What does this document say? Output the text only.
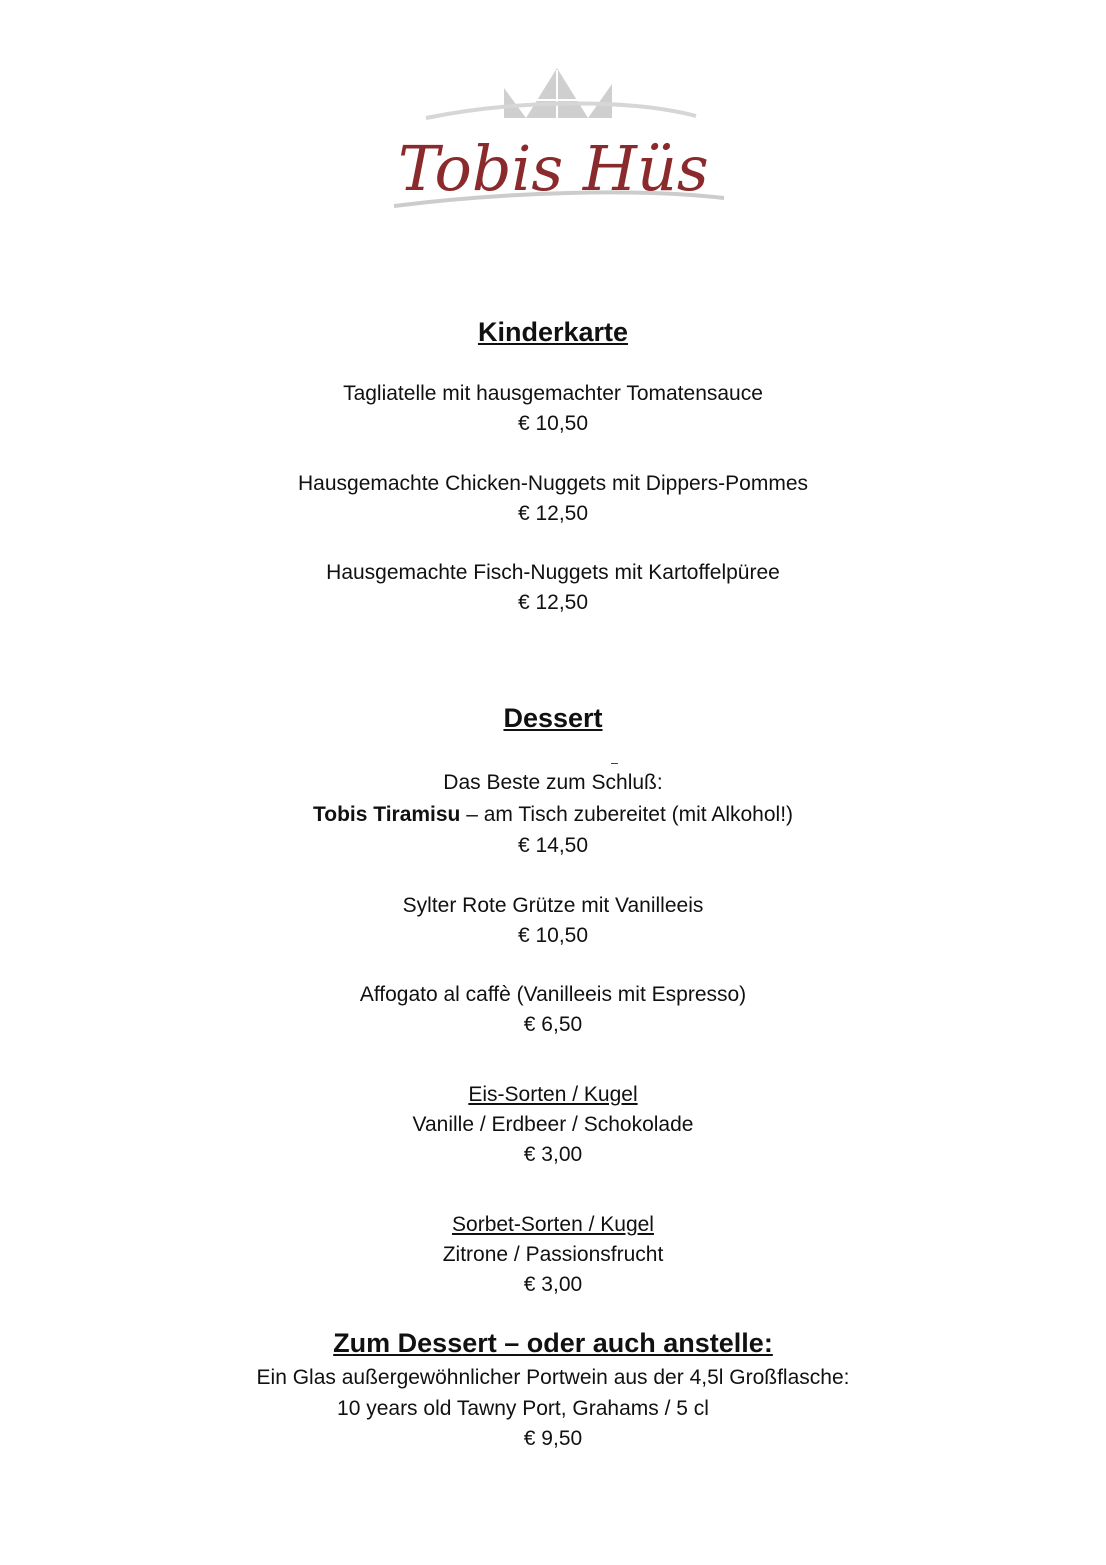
Tobis Hüs
Kinderkarte
Tagliatelle mit hausgemachter Tomatensauce
€ 10,50
Hausgemachte Chicken-Nuggets mit Dippers-Pommes
€ 12,50
Hausgemachte Fisch-Nuggets mit Kartoffelpüree
€ 12,50
Dessert
Das Beste zum Schluß:
Tobis Tiramisu – am Tisch zubereitet (mit Alkohol!)
€ 14,50
Sylter Rote Grütze mit Vanilleeis
€ 10,50
Affogato al caffè (Vanilleeis mit Espresso)
€ 6,50
Eis-Sorten / Kugel
Vanille / Erdbeer / Schokolade
€ 3,00
Sorbet-Sorten / Kugel
Zitrone / Passionsfrucht
€ 3,00
Zum Dessert – oder auch anstelle:
Ein Glas außergewöhnlicher Portwein aus der 4,5l Großflasche:
10 years old Tawny Port, Grahams / 5 cl
€ 9,50
